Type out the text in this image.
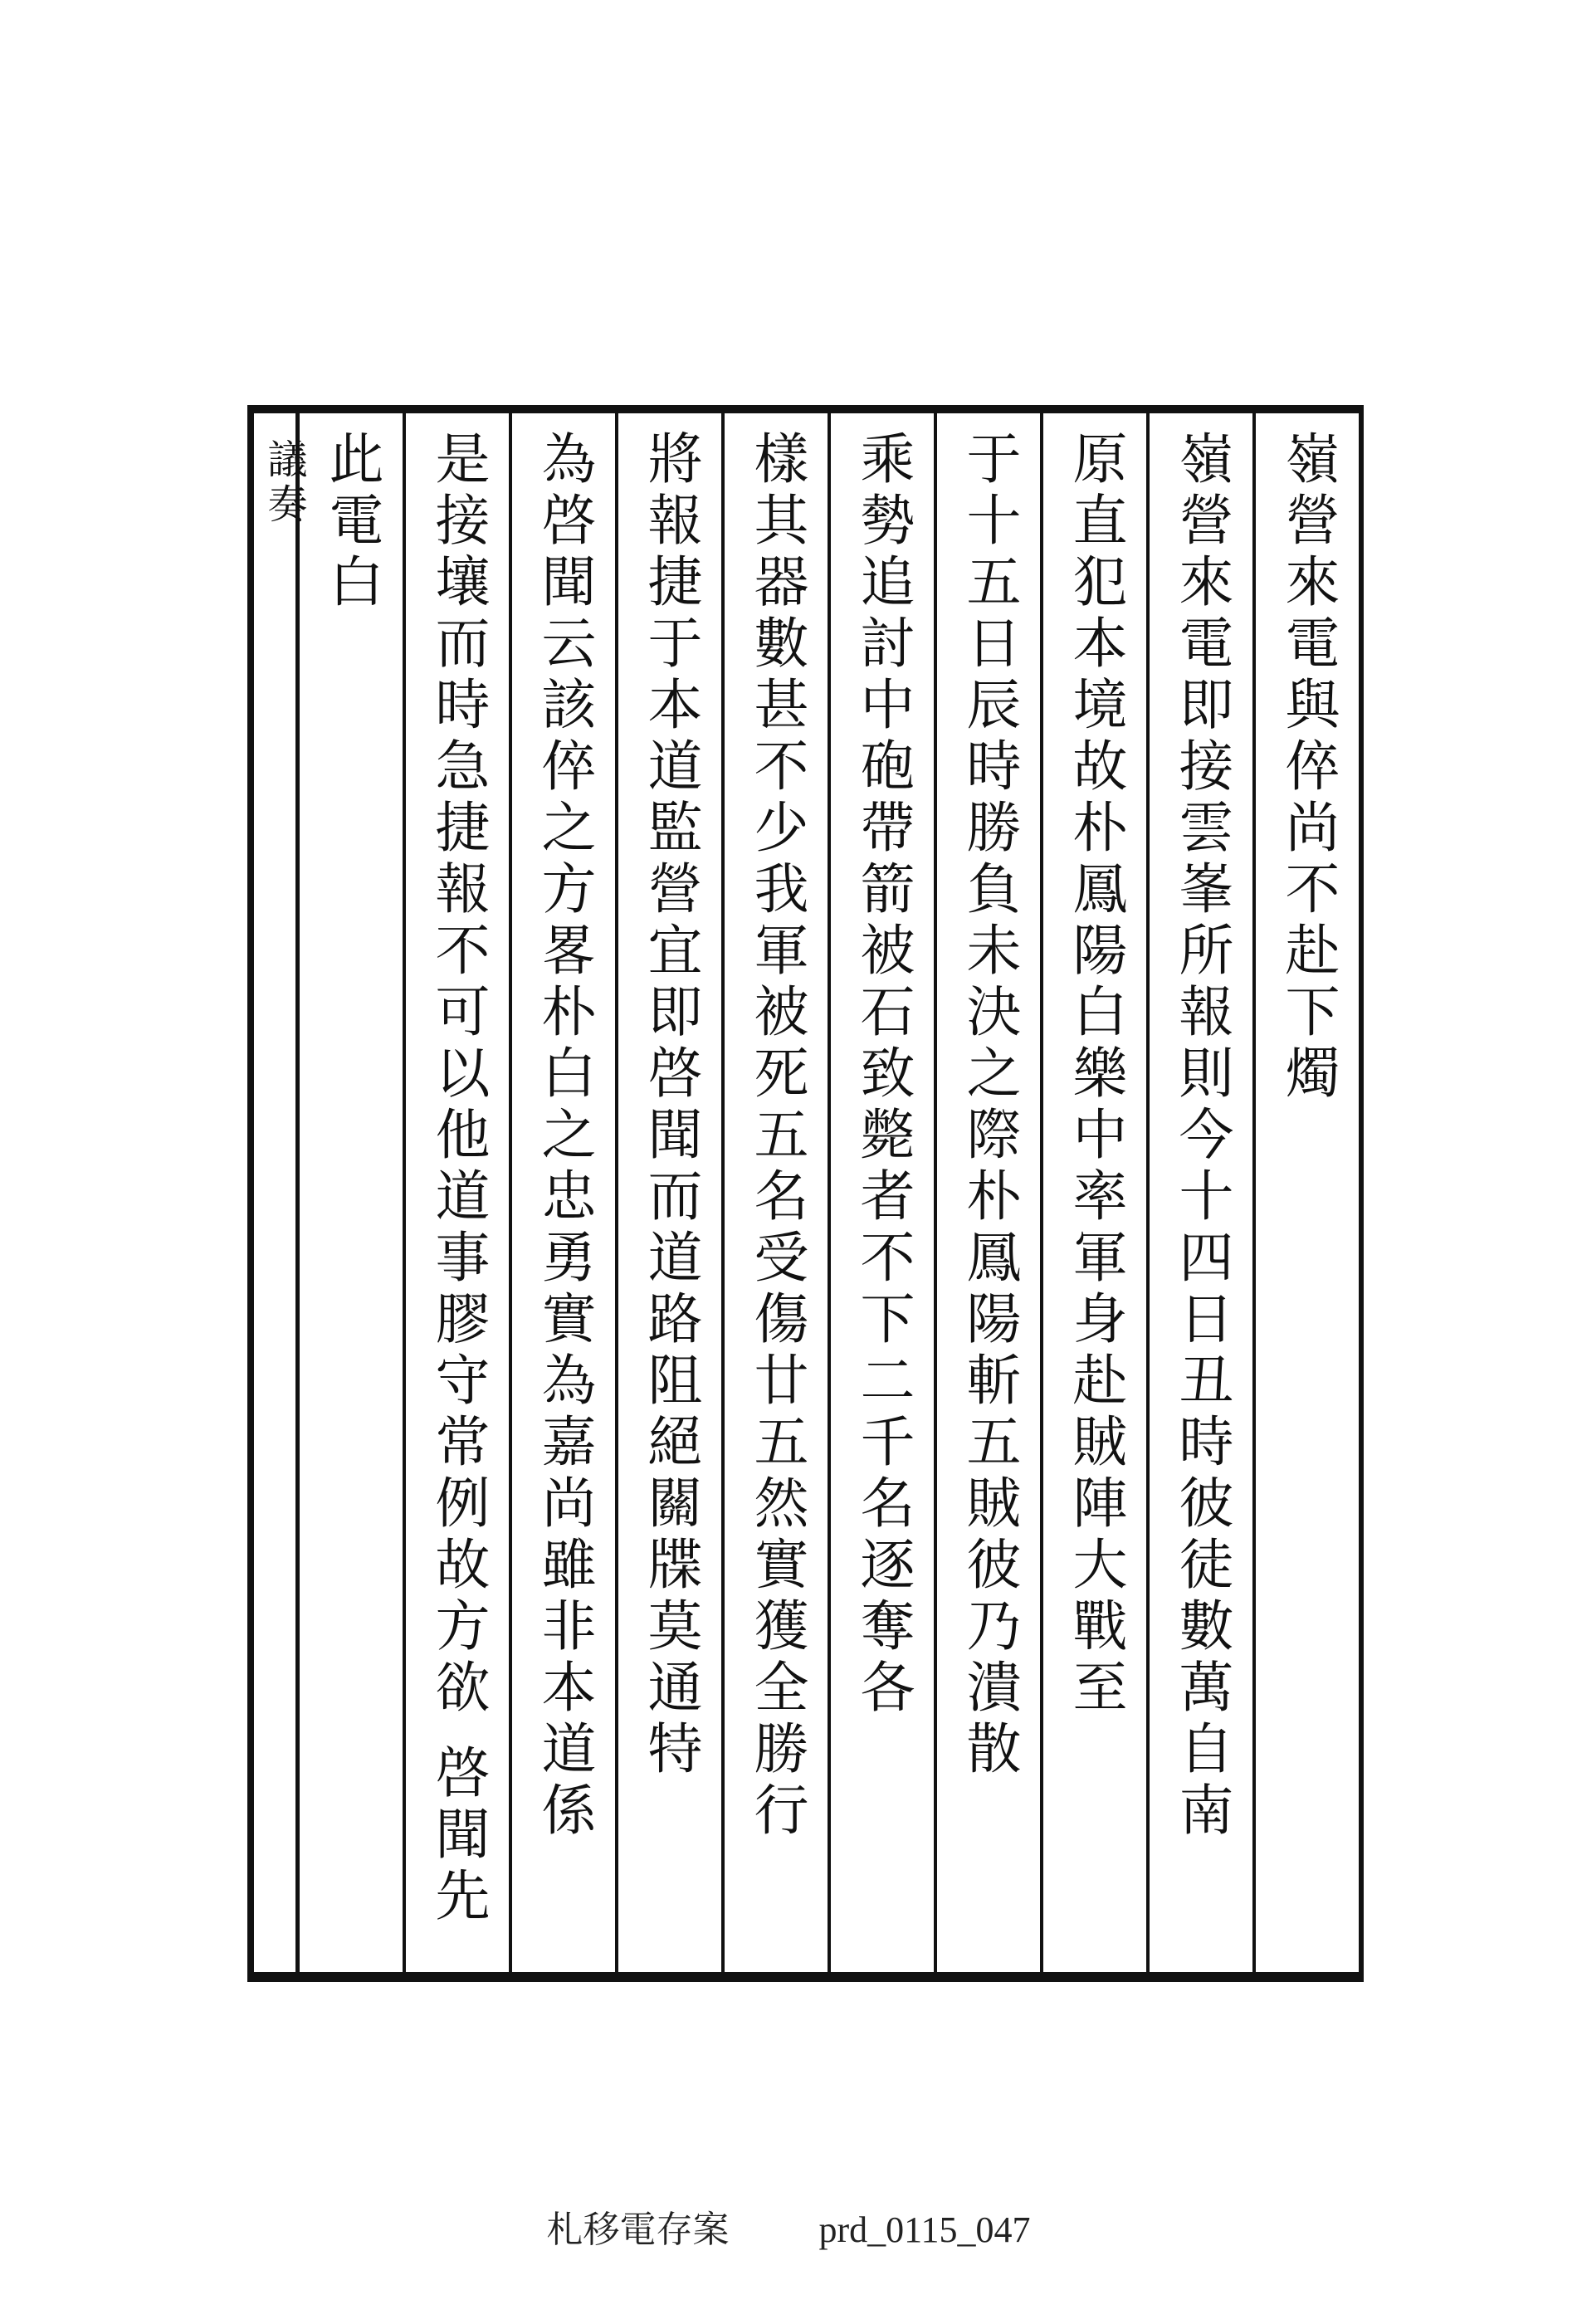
議奏	嶺營來電與倅尚不赴下燭
嶺營來電即接雲峯所報則今十四日丑時彼徒數萬自南
原直犯本境故朴鳳陽白樂中率軍身赴賊陣大戰至
于十五日辰時勝負未決之際朴鳳陽斬五賊彼乃潰散
乘勢追討中砲帶箭被石致斃者不下二千名逐奪各
樣其器數甚不少我軍被死五名受傷廿五然實獲全勝行
將報捷于本道監營宜即啓聞而道路阻絕關牒莫通特
為啓聞云該倅之方畧朴白之忠勇實為嘉尚雖非本道係
是接壤而時急捷報不可以他道事膠守常例故方欲 啓聞先
此電白
札移電存案 prd_0115_047
